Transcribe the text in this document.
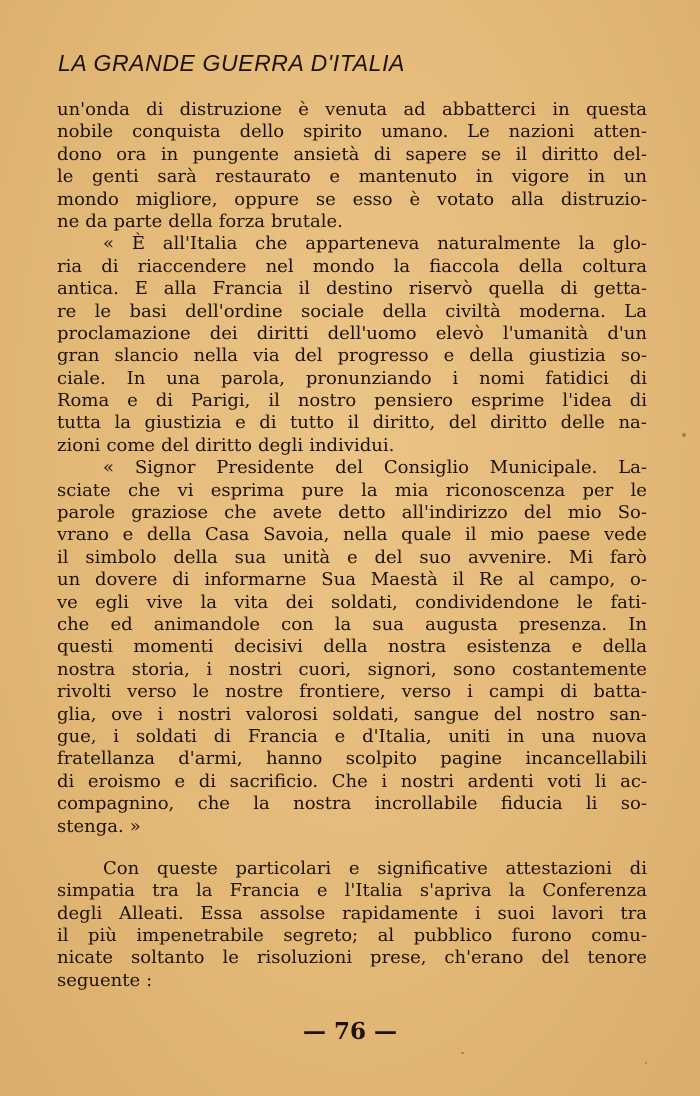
LA GRANDE GUERRA D'ITALIA
un'onda di distruzione è venuta ad abbatterci in questa
nobile conquista dello spirito umano. Le nazioni atten-
dono ora in pungente ansietà di sapere se il diritto del-
le genti sarà restaurato e mantenuto in vigore in un
mondo migliore, oppure se esso è votato alla distruzio-
ne da parte della forza brutale.
« È all'Italia che apparteneva naturalmente la glo-
ria di riaccendere nel mondo la fiaccola della coltura
antica. E alla Francia il destino riservò quella di getta-
re le basi dell'ordine sociale della civiltà moderna. La
proclamazione dei diritti dell'uomo elevò l'umanità d'un
gran slancio nella via del progresso e della giustizia so-
ciale. In una parola, pronunziando i nomi fatidici di
Roma e di Parigi, il nostro pensiero esprime l'idea di
tutta la giustizia e di tutto il diritto, del diritto delle na-
zioni come del diritto degli individui.
« Signor Presidente del Consiglio Municipale. La-
sciate che vi esprima pure la mia riconoscenza per le
parole graziose che avete detto all'indirizzo del mio So-
vrano e della Casa Savoia, nella quale il mio paese vede
il simbolo della sua unità e del suo avvenire. Mi farò
un dovere di informarne Sua Maestà il Re al campo, o-
ve egli vive la vita dei soldati, condividendone le fati-
che ed animandole con la sua augusta presenza. In
questi momenti decisivi della nostra esistenza e della
nostra storia, i nostri cuori, signori, sono costantemente
rivolti verso le nostre frontiere, verso i campi di batta-
glia, ove i nostri valorosi soldati, sangue del nostro san-
gue, i soldati di Francia e d'Italia, uniti in una nuova
fratellanza d'armi, hanno scolpito pagine incancellabili
di eroismo e di sacrificio. Che i nostri ardenti voti li ac-
compagnino, che la nostra incrollabile fiducia li so-
stenga. »
Con queste particolari e significative attestazioni di
simpatia tra la Francia e l'Italia s'apriva la Conferenza
degli Alleati. Essa assolse rapidamente i suoi lavori tra
il più impenetrabile segreto; al pubblico furono comu-
nicate soltanto le risoluzioni prese, ch'erano del tenore
seguente :
— 76 —
